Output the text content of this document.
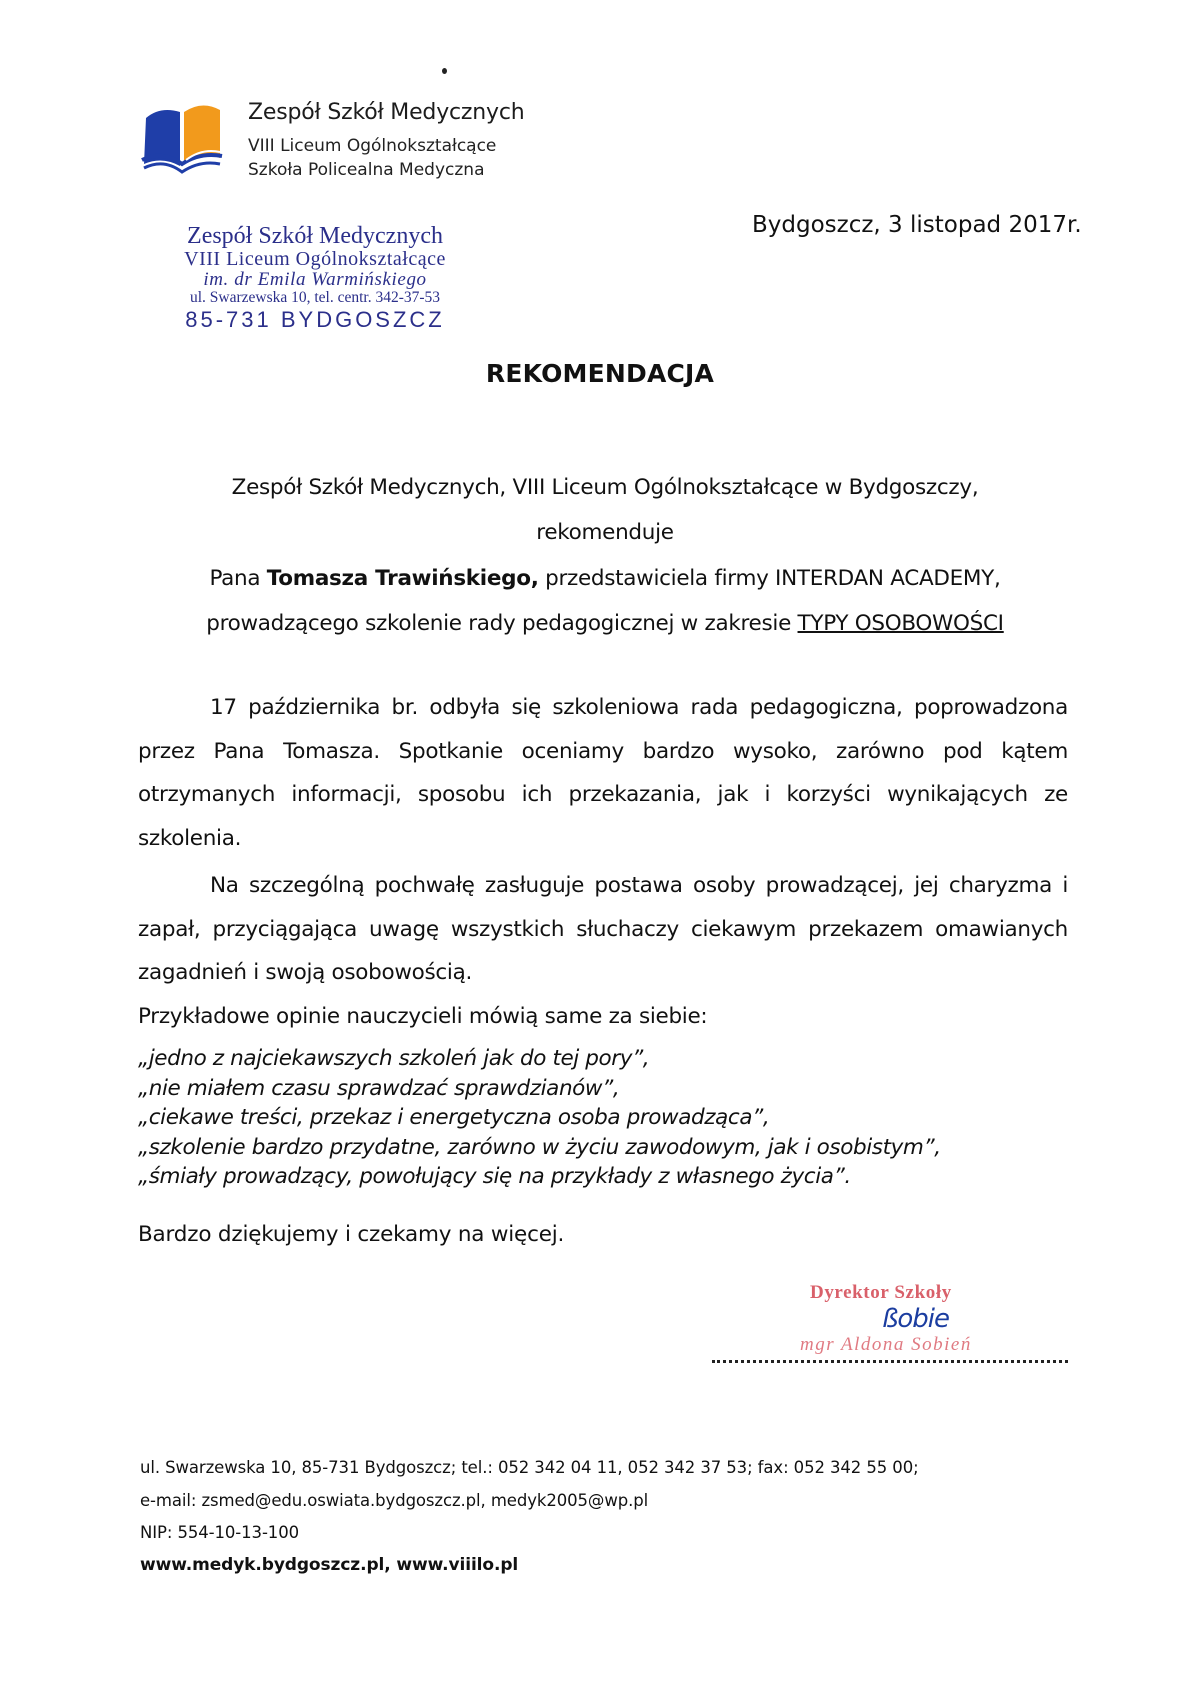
Zespół Szkół Medycznych
VIII Liceum Ogólnokształcące
Szkoła Policealna Medyczna
Zespół Szkół Medycznych
VIII Liceum Ogólnokształcące
im. dr Emila Warmińskiego
ul. Swarzewska 10, tel. centr. 342-37-53
85-731 BYDGOSZCZ
Bydgoszcz, 3 listopad 2017r.
REKOMENDACJA
Zespół Szkół Medycznych, VIII Liceum Ogólnokształcące w Bydgoszczy,
rekomenduje
Pana Tomasza Trawińskiego, przedstawiciela firmy INTERDAN ACADEMY,
prowadzącego szkolenie rady pedagogicznej w zakresie TYPY OSOBOWOŚCI

17 października br. odbyła się szkoleniowa rada pedagogiczna, poprowadzona przez Pana Tomasza. Spotkanie oceniamy bardzo wysoko, zarówno pod kątem otrzymanych informacji, sposobu ich przekazania, jak i korzyści wynikających ze szkolenia.

Na szczególną pochwałę zasługuje postawa osoby prowadzącej, jej charyzma i zapał, przyciągająca uwagę wszystkich słuchaczy ciekawym przekazem omawianych zagadnień i swoją osobowością.

Przykładowe opinie nauczycieli mówią same za siebie:

„jedno z najciekawszych szkoleń jak do tej pory”,
„nie miałem czasu sprawdzać sprawdzianów”,
„ciekawe treści, przekaz i energetyczna osoba prowadząca”,
„szkolenie bardzo przydatne, zarówno w życiu zawodowym, jak i osobistym”,
„śmiały prowadzący, powołujący się na przykłady z własnego życia”.
Bardzo dziękujemy i czekamy na więcej.
Dyrektor Szkoły
ßobie
mgr Aldona Sobień
ul. Swarzewska 10, 85-731 Bydgoszcz; tel.: 052 342 04 11, 052 342 37 53; fax: 052 342 55 00;
e-mail: zsmed@edu.oswiata.bydgoszcz.pl, medyk2005@wp.pl
NIP: 554-10-13-100
www.medyk.bydgoszcz.pl, www.viiilo.pl
